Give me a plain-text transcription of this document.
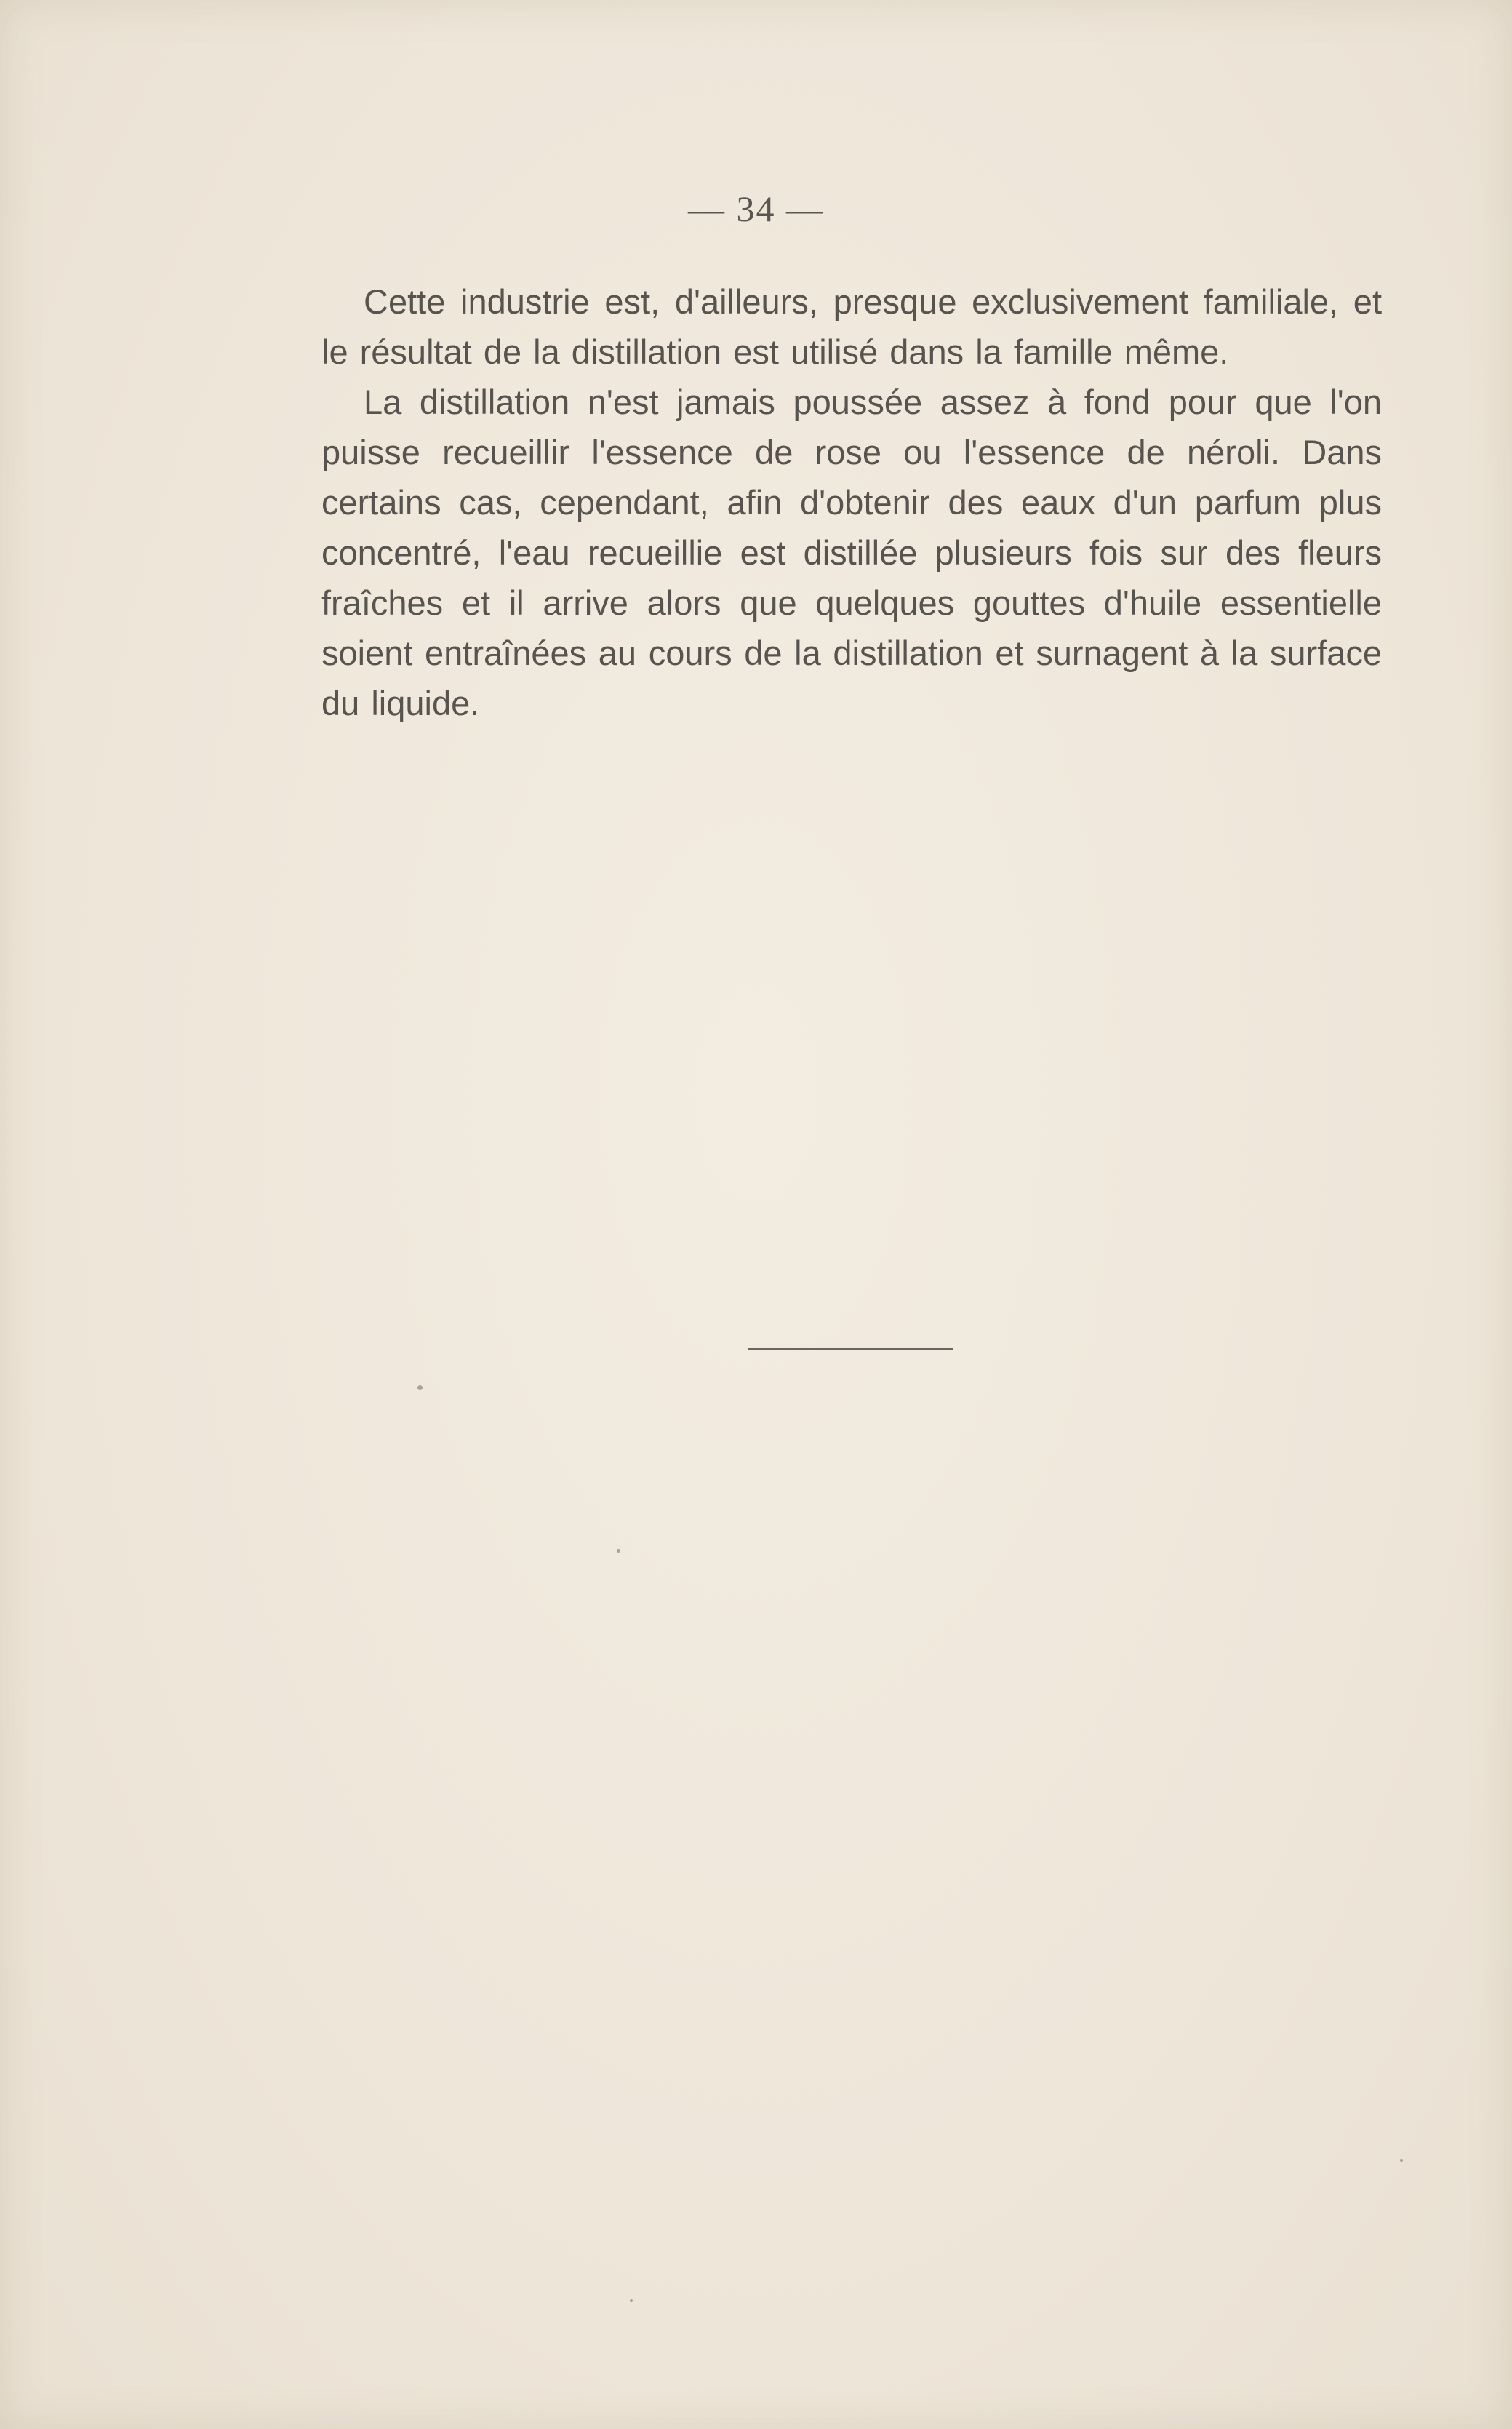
— 34 —

Cette industrie est, d'ailleurs, presque exclusivement familiale, et le résultat de la distillation est utilisé dans la famille même.

La distillation n'est jamais poussée assez à fond pour que l'on puisse recueillir l'essence de rose ou l'essence de néroli. Dans certains cas, cependant, afin d'obtenir des eaux d'un parfum plus concentré, l'eau recueillie est distillée plusieurs fois sur des fleurs fraîches et il arrive alors que quelques gouttes d'huile essentielle soient entraînées au cours de la distillation et surnagent à la surface du liquide.
